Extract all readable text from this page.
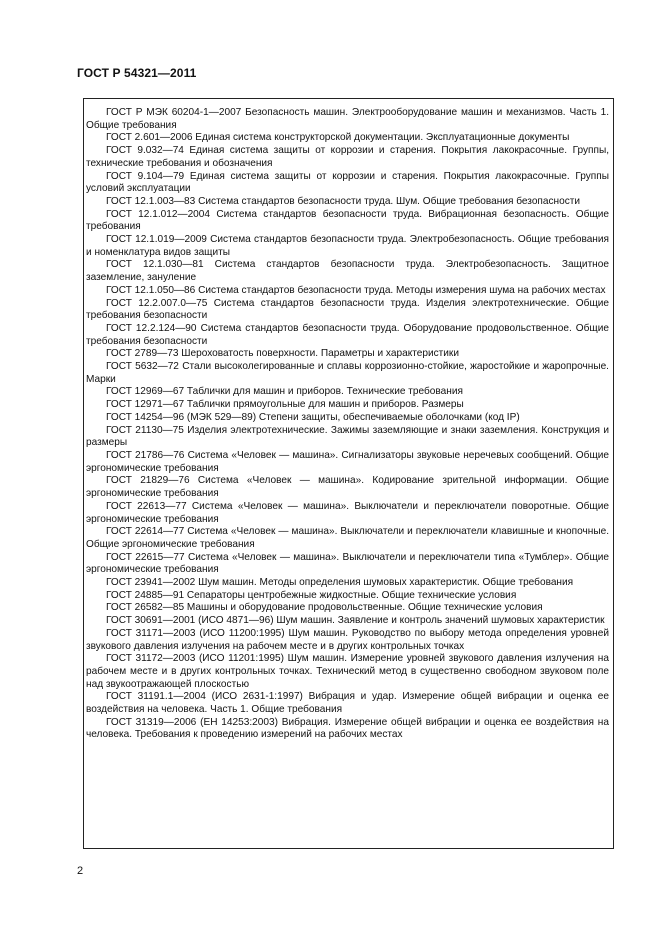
ГОСТ Р 54321—2011
ГОСТ Р МЭК 60204-1—2007 Безопасность машин. Электрооборудование машин и механизмов. Часть 1. Общие требования
ГОСТ 2.601—2006 Единая система конструкторской документации. Эксплуатационные документы
ГОСТ 9.032—74 Единая система защиты от коррозии и старения. Покрытия лакокрасочные. Группы, технические требования и обозначения
ГОСТ 9.104—79 Единая система защиты от коррозии и старения. Покрытия лакокрасочные. Группы условий эксплуатации
ГОСТ 12.1.003—83 Система стандартов безопасности труда. Шум. Общие требования безопасности
ГОСТ 12.1.012—2004 Система стандартов безопасности труда. Вибрационная безопасность. Общие требования
ГОСТ 12.1.019—2009 Система стандартов безопасности труда. Электробезопасность. Общие требования и номенклатура видов защиты
ГОСТ 12.1.030—81 Система стандартов безопасности труда. Электробезопасность. Защитное заземление, зануление
ГОСТ 12.1.050—86 Система стандартов безопасности труда. Методы измерения шума на рабочих местах
ГОСТ 12.2.007.0—75 Система стандартов безопасности труда. Изделия электротехнические. Общие требования безопасности
ГОСТ 12.2.124—90 Система стандартов безопасности труда. Оборудование продовольственное. Общие требования безопасности
ГОСТ 2789—73 Шероховатость поверхности. Параметры и характеристики
ГОСТ 5632—72 Стали высоколегированные и сплавы коррозионно-стойкие, жаростойкие и жаропрочные. Марки
ГОСТ 12969—67 Таблички для машин и приборов. Технические требования
ГОСТ 12971—67 Таблички прямоугольные для машин и приборов. Размеры
ГОСТ 14254—96 (МЭК 529—89) Степени защиты, обеспечиваемые оболочками (код IP)
ГОСТ 21130—75 Изделия электротехнические. Зажимы заземляющие и знаки заземления. Конструкция и размеры
ГОСТ 21786—76 Система «Человек — машина». Сигнализаторы звуковые неречевых сообщений. Общие эргономические требования
ГОСТ 21829—76 Система «Человек — машина». Кодирование зрительной информации. Общие эргономические требования
ГОСТ 22613—77 Система «Человек — машина». Выключатели и переключатели поворотные. Общие эргономические требования
ГОСТ 22614—77 Система «Человек — машина». Выключатели и переключатели клавишные и кнопочные. Общие эргономические требования
ГОСТ 22615—77 Система «Человек — машина». Выключатели и переключатели типа «Тумблер». Общие эргономические требования
ГОСТ 23941—2002 Шум машин. Методы определения шумовых характеристик. Общие требования
ГОСТ 24885—91 Сепараторы центробежные жидкостные. Общие технические условия
ГОСТ 26582—85 Машины и оборудование продовольственные. Общие технические условия
ГОСТ 30691—2001 (ИСО 4871—96) Шум машин. Заявление и контроль значений шумовых характеристик
ГОСТ 31171—2003 (ИСО 11200:1995) Шум машин. Руководство по выбору метода определения уровней звукового давления излучения на рабочем месте и в других контрольных точках
ГОСТ 31172—2003 (ИСО 11201:1995) Шум машин. Измерение уровней звукового давления излучения на рабочем месте и в других контрольных точках. Технический метод в существенно свободном звуковом поле над звукоотражающей плоскостью
ГОСТ 31191.1—2004 (ИСО 2631-1:1997) Вибрация и удар. Измерение общей вибрации и оценка ее воздействия на человека. Часть 1. Общие требования
ГОСТ 31319—2006 (ЕН 14253:2003) Вибрация. Измерение общей вибрации и оценка ее воздействия на человека. Требования к проведению измерений на рабочих местах
2
